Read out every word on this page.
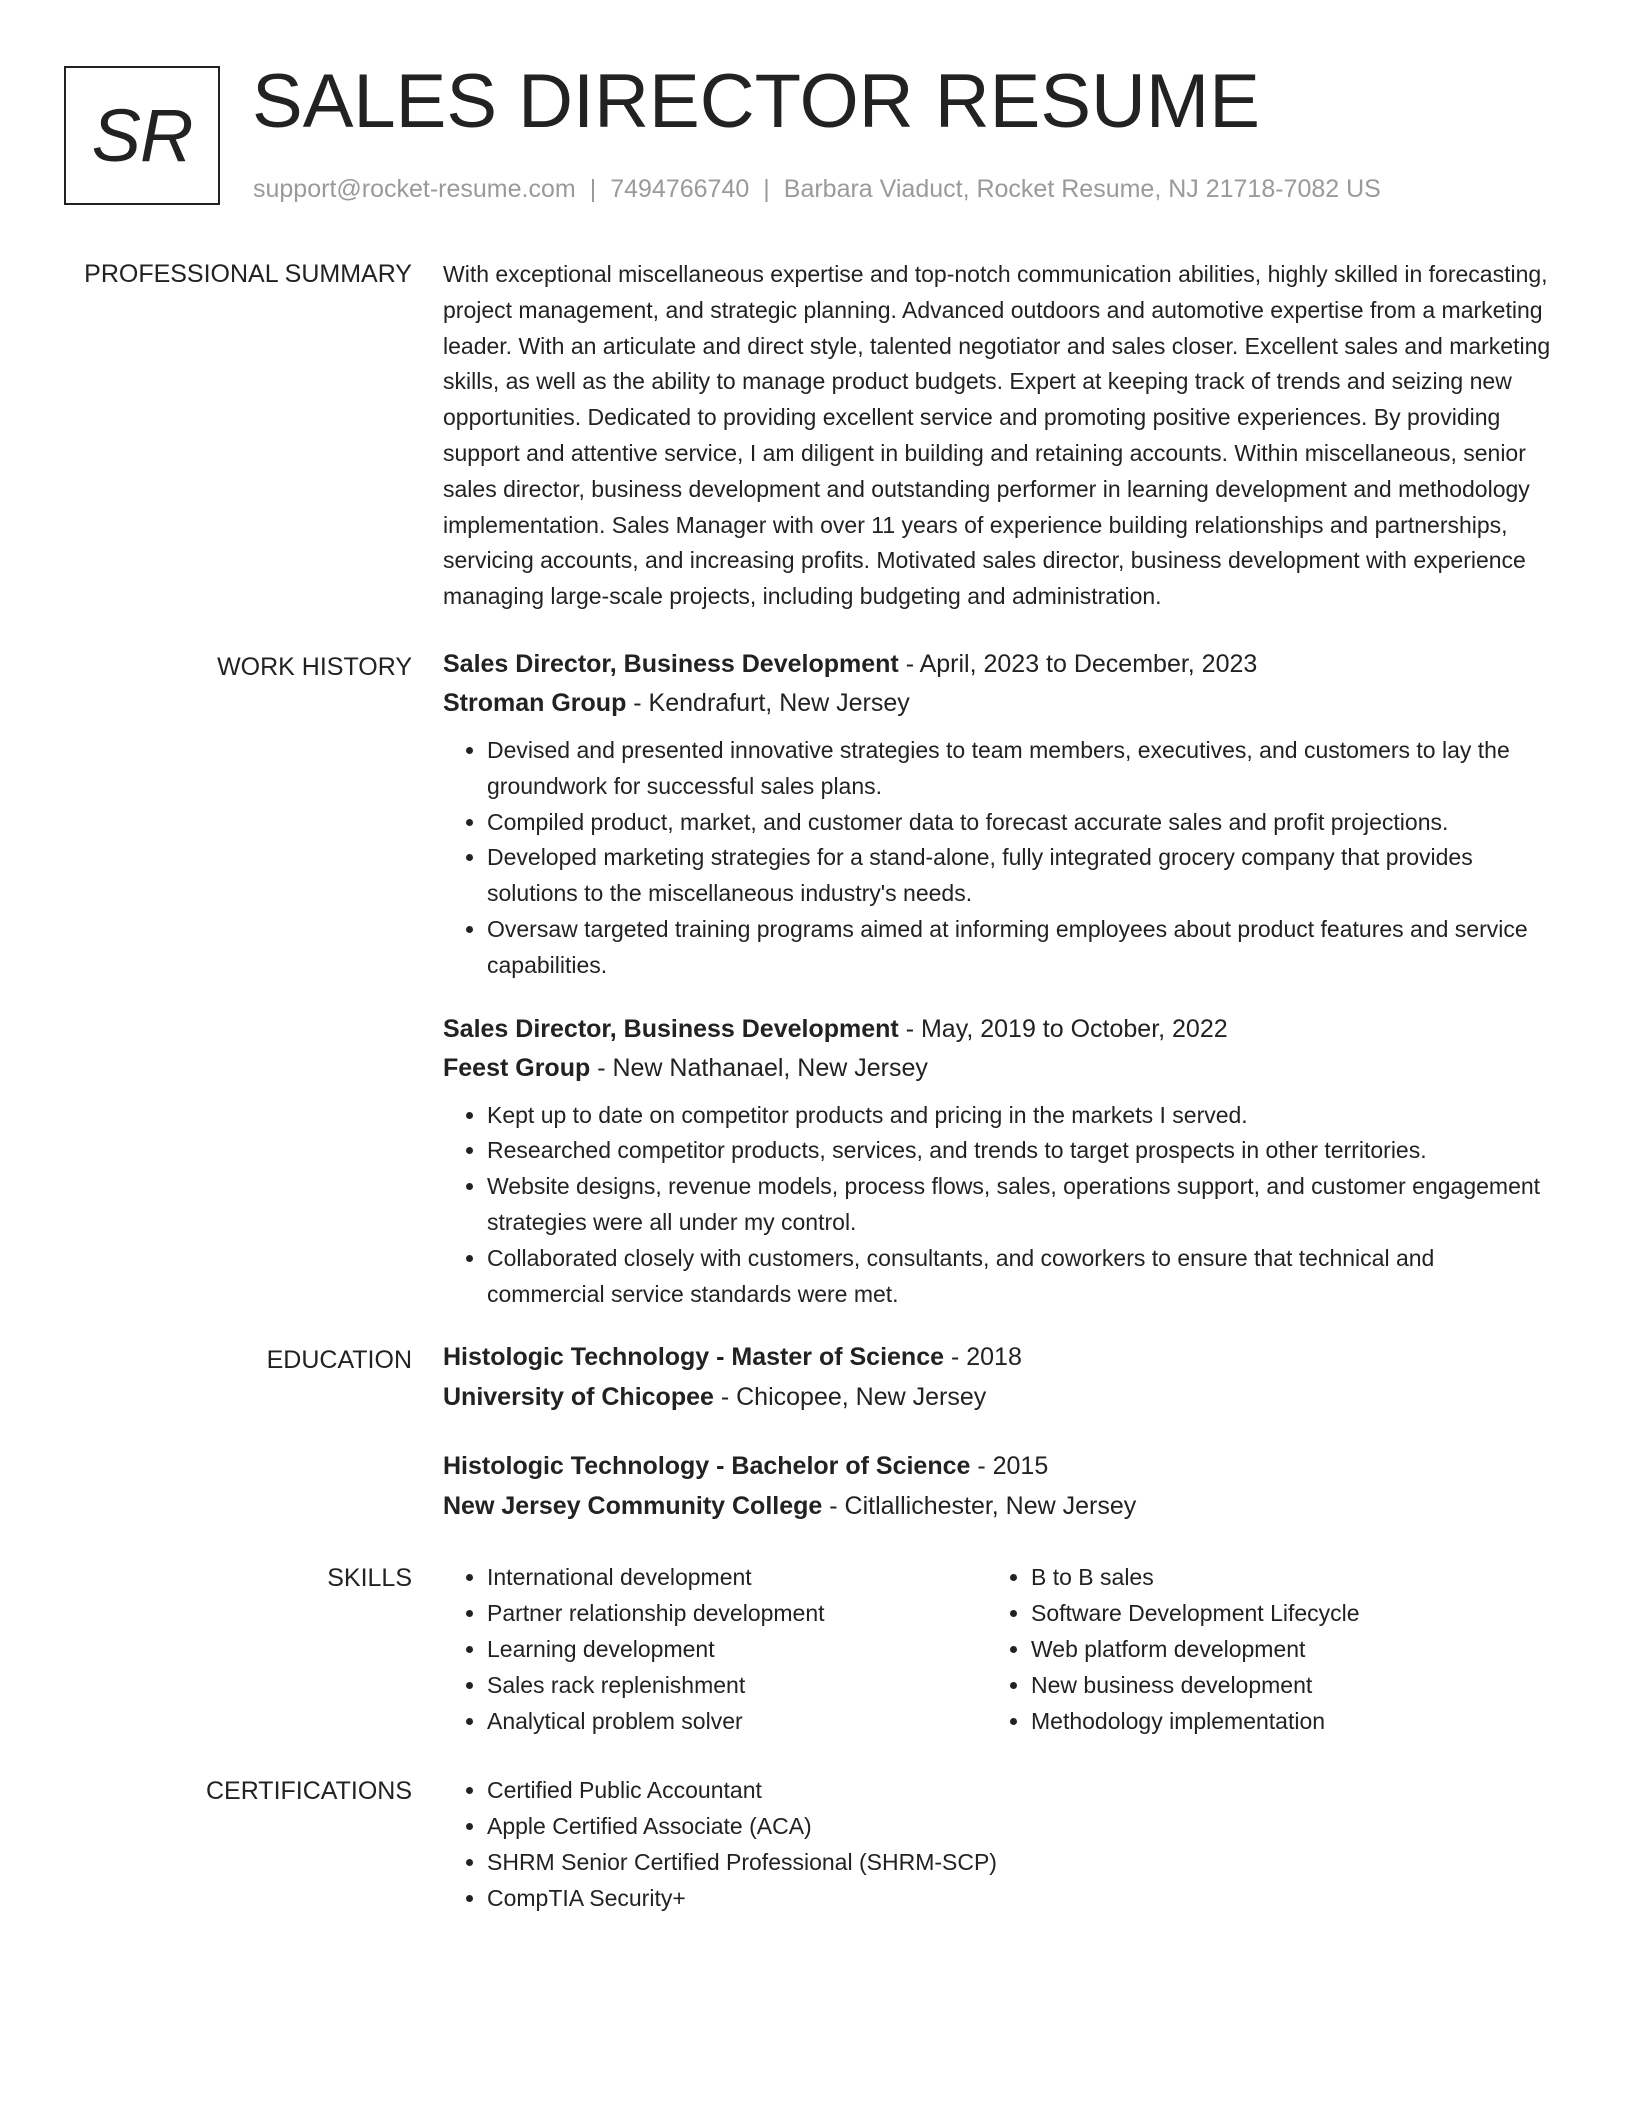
SR SALES DIRECTOR RESUME
support@rocket-resume.com | 7494766740 | Barbara Viaduct, Rocket Resume, NJ 21718-7082 US
PROFESSIONAL SUMMARY With exceptional miscellaneous expertise and top-notch communication abilities, highly skilled in forecasting, project management, and strategic planning. Advanced outdoors and automotive expertise from a marketing leader. With an articulate and direct style, talented negotiator and sales closer. Excellent sales and marketing skills, as well as the ability to manage product budgets. Expert at keeping track of trends and seizing new opportunities. Dedicated to providing excellent service and promoting positive experiences. By providing support and attentive service, I am diligent in building and retaining accounts. Within miscellaneous, senior sales director, business development and outstanding performer in learning development and methodology implementation. Sales Manager with over 11 years of experience building relationships and partnerships, servicing accounts, and increasing profits. Motivated sales director, business development with experience managing large-scale projects, including budgeting and administration.

WORK HISTORY Sales Director, Business Development - April, 2023 to December, 2023
Stroman Group - Kendrafurt, New Jersey
• Devised and presented innovative strategies to team members, executives, and customers to lay the groundwork for successful sales plans.
• Compiled product, market, and customer data to forecast accurate sales and profit projections.
• Developed marketing strategies for a stand-alone, fully integrated grocery company that provides solutions to the miscellaneous industry's needs.
• Oversaw targeted training programs aimed at informing employees about product features and service capabilities.
Sales Director, Business Development - May, 2019 to October, 2022
Feest Group - New Nathanael, New Jersey
• Kept up to date on competitor products and pricing in the markets I served.
• Researched competitor products, services, and trends to target prospects in other territories.
• Website designs, revenue models, process flows, sales, operations support, and customer engagement strategies were all under my control.
• Collaborated closely with customers, consultants, and coworkers to ensure that technical and commercial service standards were met.
EDUCATION Histologic Technology - Master of Science - 2018
University of Chicopee - Chicopee, New Jersey
Histologic Technology - Bachelor of Science - 2015
New Jersey Community College - Citlallichester, New Jersey
SKILLS	• International development
• Partner relationship development
• Learning development
• Sales rack replenishment
• Analytical problem solver
• B to B sales
• Software Development Lifecycle
• Web platform development
• New business development
• Methodology implementation
CERTIFICATIONS	• Certified Public Accountant
• Apple Certified Associate (ACA)
• SHRM Senior Certified Professional (SHRM-SCP)
• CompTIA Security+
